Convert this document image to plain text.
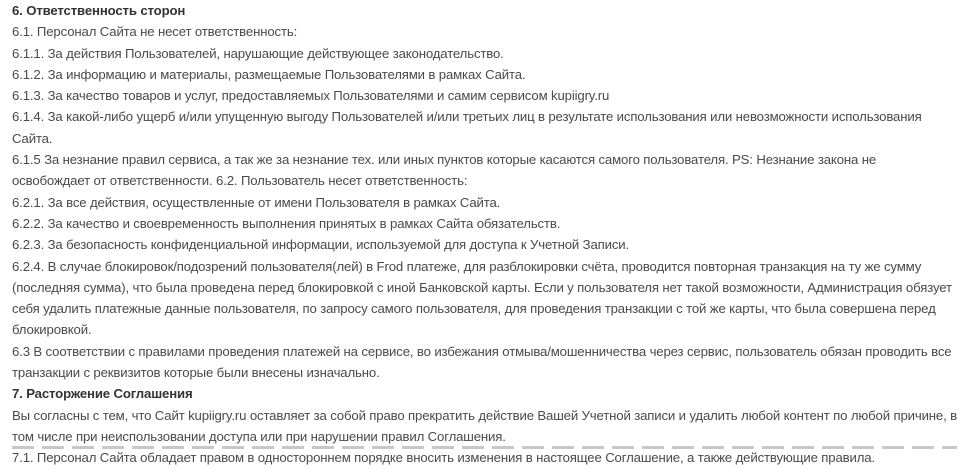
6. Ответственность сторон

6.1. Персонал Сайта не несет ответственность:

6.1.1. За действия Пользователей, нарушающие действующее законодательство.

6.1.2. За информацию и материалы, размещаемые Пользователями в рамках Сайта.

6.1.3. За качество товаров и услуг, предоставляемых Пользователями и самим сервисом kupiigry.ru

6.1.4. За какой-либо ущерб и/или упущенную выгоду Пользователей и/или третьих лиц в результате использования или невозможности использования Сайта.

6.1.5 За незнание правил сервиса, а так же за незнание тех. или иных пунктов которые касаются самого пользователя. PS: Незнание закона не освобождает от ответственности. 6.2. Пользователь несет ответственность:

6.2.1. За все действия, осуществленные от имени Пользователя в рамках Сайта.

6.2.2. За качество и своевременность выполнения принятых в рамках Сайта обязательств.

6.2.3. За безопасность конфиденциальной информации, используемой для доступа к Учетной Записи.

6.2.4. В случае блокировок/подозрений пользователя(лей) в Frod платеже, для разблокировки счёта, проводится повторная транзакция на ту же сумму (последняя сумма), что была проведена перед блокировкой с иной Банковской карты. Если у пользователя нет такой возможности, Администрация обязует себя удалить платежные данные пользователя, по запросу самого пользователя, для проведения транзакции с той же карты, что была совершена перед блокировкой.

6.3 В соответствии с правилами проведения платежей на сервисе, во избежания отмыва/мошенничества через сервис, пользователь обязан проводить все транзакции с реквизитов которые были внесены изначально.

7. Расторжение Соглашения

Вы согласны с тем, что Сайт kupiigry.ru оставляет за собой право прекратить действие Вашей Учетной записи и удалить любой контент по любой причине, в том числе при неиспользовании доступа или при нарушении правил Соглашения.

7.1. Персонал Сайта обладает правом в одностороннем порядке вносить изменения в настоящее Соглашение, а также действующие правила.
